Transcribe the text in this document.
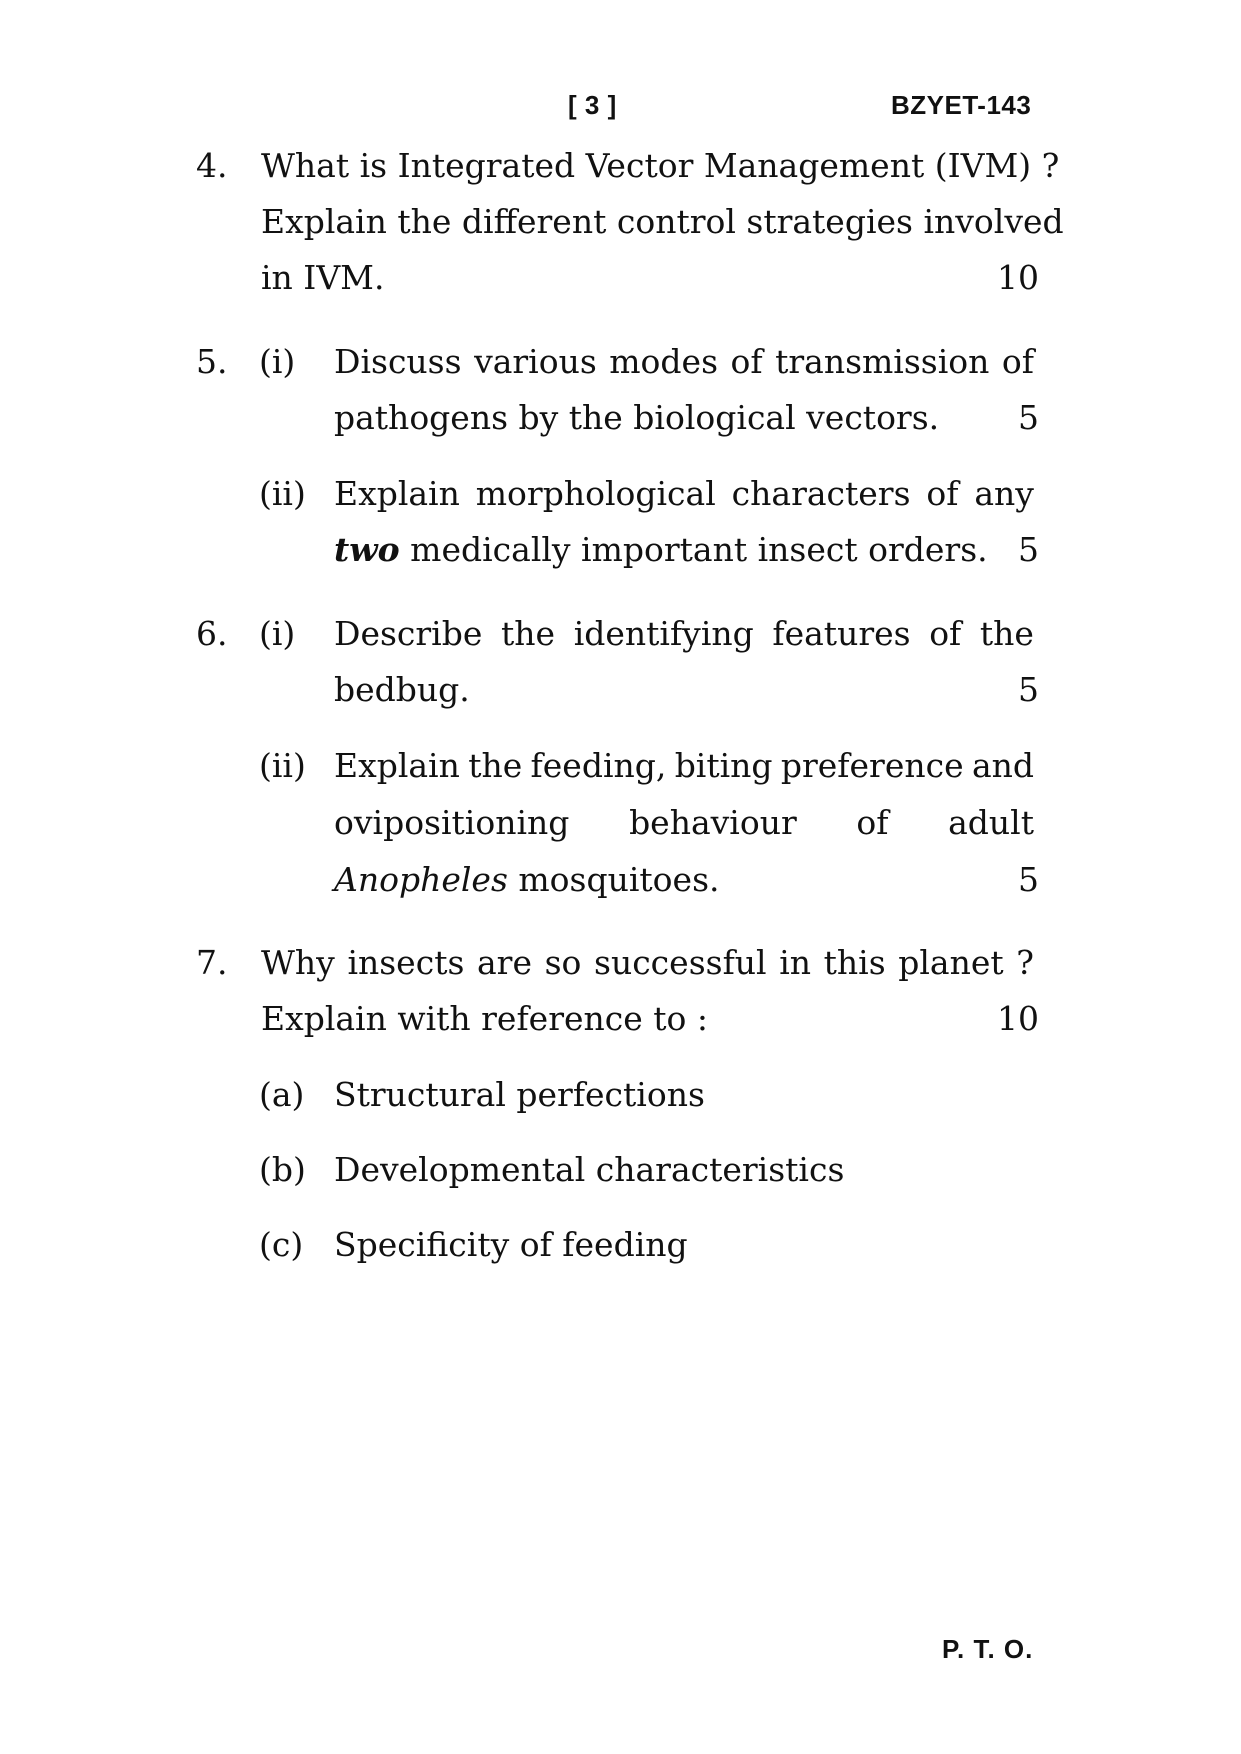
[ 3 ]	BZYET-143
4. What is Integrated Vector Management (IVM) ?
Explain the different control strategies involved
in IVM.	10
5. (i) Discuss various modes of transmission of
pathogens by the biological vectors.	5
(ii) Explain morphological characters of any
two medically important insect orders. 5
6. (i) Describe the identifying features of the
bedbug.	5
(ii) Explain the feeding, biting preference and
ovipositioning behaviour of adult
Anopheles mosquitoes.	5
7. Why insects are so successful in this planet ?
Explain with reference to :	10
(a) Structural perfections
(b) Developmental characteristics
(c) Specificity of feeding
P. T. O.
